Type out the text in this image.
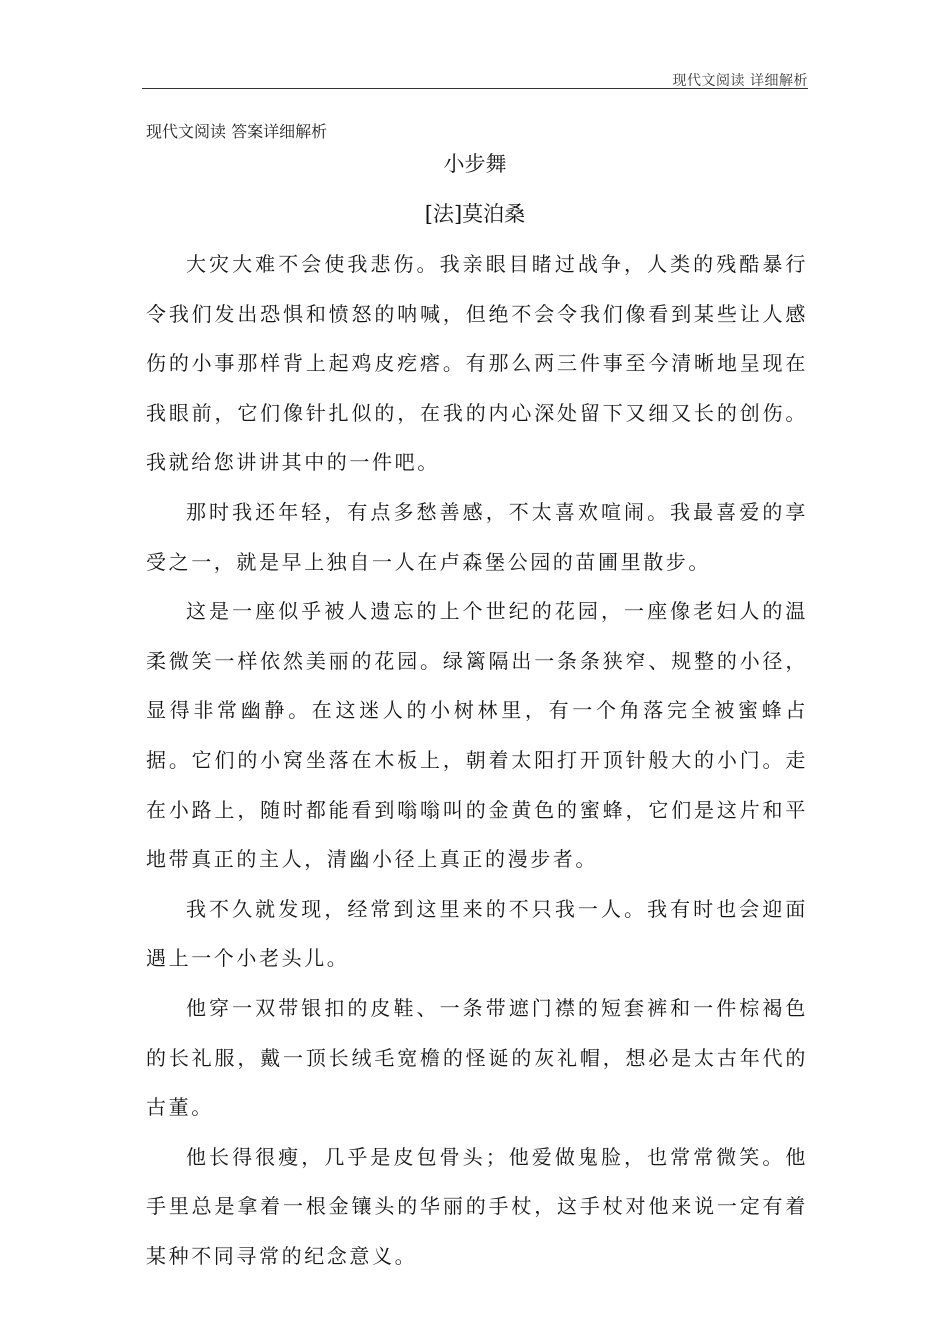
现代文阅读 详细解析
现代文阅读 答案详细解析
小步舞
[法]莫泊桑

大灾大难不会使我悲伤。我亲眼目睹过战争，人类的残酷暴行令我们发出恐惧和愤怒的呐喊，但绝不会令我们像看到某些让人感伤的小事那样背上起鸡皮疙瘩。有那么两三件事至今清晰地呈现在我眼前，它们像针扎似的，在我的内心深处留下又细又长的创伤。我就给您讲讲其中的一件吧。

那时我还年轻，有点多愁善感，不太喜欢喧闹。我最喜爱的享受之一，就是早上独自一人在卢森堡公园的苗圃里散步。

这是一座似乎被人遗忘的上个世纪的花园，一座像老妇人的温柔微笑一样依然美丽的花园。绿篱隔出一条条狭窄、规整的小径，显得非常幽静。在这迷人的小树林里，有一个角落完全被蜜蜂占据。它们的小窝坐落在木板上，朝着太阳打开顶针般大的小门。走在小路上，随时都能看到嗡嗡叫的金黄色的蜜蜂，它们是这片和平地带真正的主人，清幽小径上真正的漫步者。

我不久就发现，经常到这里来的不只我一人。我有时也会迎面遇上一个小老头儿。

他穿一双带银扣的皮鞋、一条带遮门襟的短套裤和一件棕褐色的长礼服，戴一顶长绒毛宽檐的怪诞的灰礼帽，想必是太古年代的古董。

他长得很瘦，几乎是皮包骨头；他爱做鬼脸，也常常微笑。他手里总是拿着一根金镶头的华丽的手杖，这手杖对他来说一定有着某种不同寻常的纪念意义。
